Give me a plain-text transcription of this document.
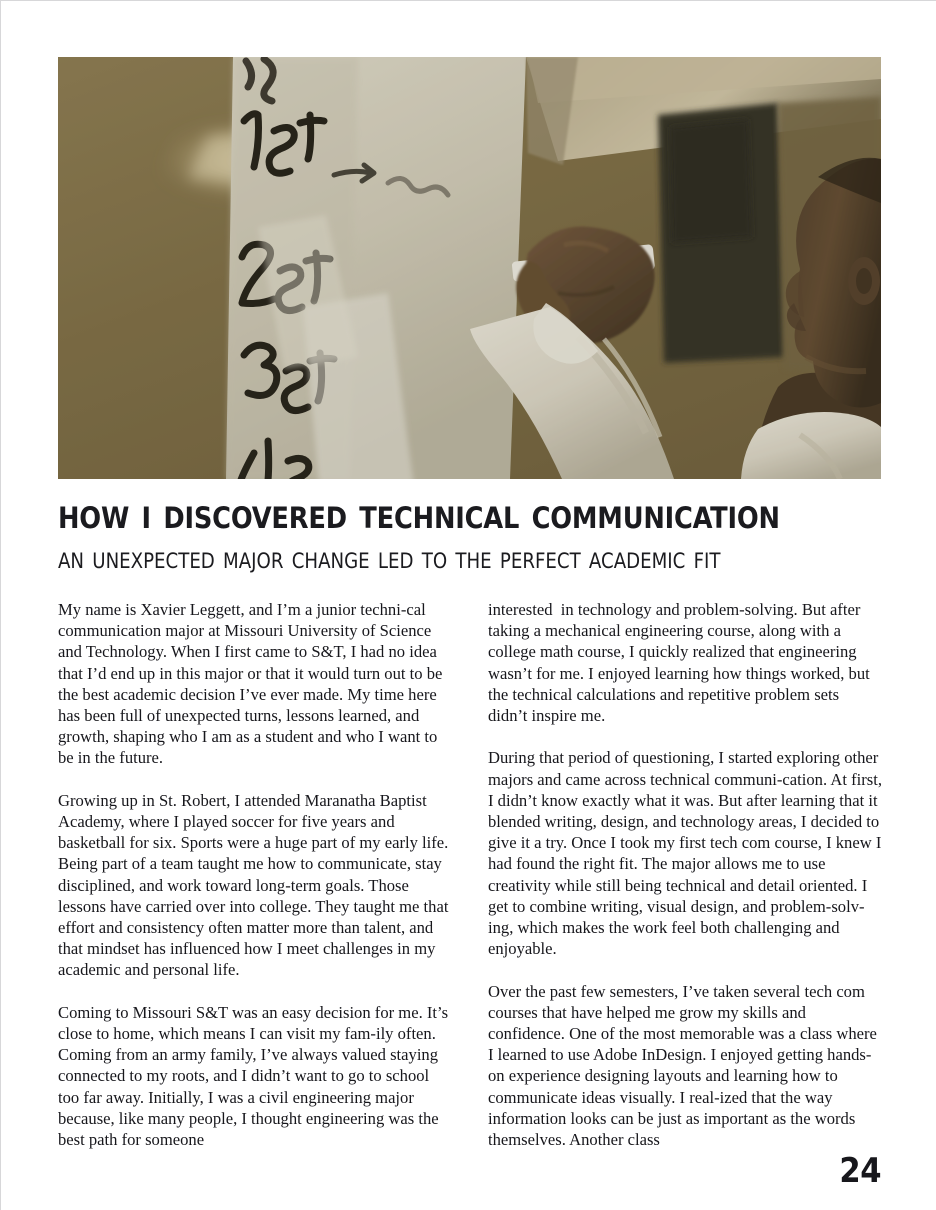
how i discovered technical communication
an unexpected major change led to the perfect academic fit

My name is Xavier Leggett, and I’m a junior techni-cal communication major at Missouri University of Science and Technology. When I first came to S&T, I had no idea that I’d end up in this major or that it would turn out to be the best academic decision I’ve ever made. My time here has been full of unexpected turns, lessons learned, and growth, shaping who I am as a student and who I want to be in the future.

Growing up in St. Robert, I attended Maranatha Baptist Academy, where I played soccer for five years and basketball for six. Sports were a huge part of my early life. Being part of a team taught me how to communicate, stay disciplined, and work toward long-term goals. Those lessons have carried over into college. They taught me that effort and consistency often matter more than talent, and that mindset has influenced how I meet challenges in my academic and personal life.

Coming to Missouri S&T was an easy decision for me. It’s close to home, which means I can visit my fam-ily often. Coming from an army family, I’ve always valued staying connected to my roots, and I didn’t want to go to school too far away. Initially, I was a civil engineering major because, like many people, I thought engineering was the best path for someone

interested  in technology and problem-solving. But after taking a mechanical engineering course, along with a college math course, I quickly realized that engineering wasn’t for me. I enjoyed learning how things worked, but the technical calculations and repetitive problem sets didn’t inspire me.

During that period of questioning, I started exploring other majors and came across technical communi-cation. At first, I didn’t know exactly what it was. But after learning that it blended writing, design, and technology areas, I decided to give it a try. Once I took my first tech com course, I knew I had found the right fit. The major allows me to use creativity while still being technical and detail oriented. I get to combine writing, visual design, and problem-solv-ing, which makes the work feel both challenging and enjoyable.

Over the past few semesters, I’ve taken several tech com courses that have helped me grow my skills and confidence. One of the most memorable was a class where I learned to use Adobe InDesign. I enjoyed getting hands-on experience designing layouts and learning how to communicate ideas visually. I real-ized that the way information looks can be just as important as the words themselves. Another class

24
